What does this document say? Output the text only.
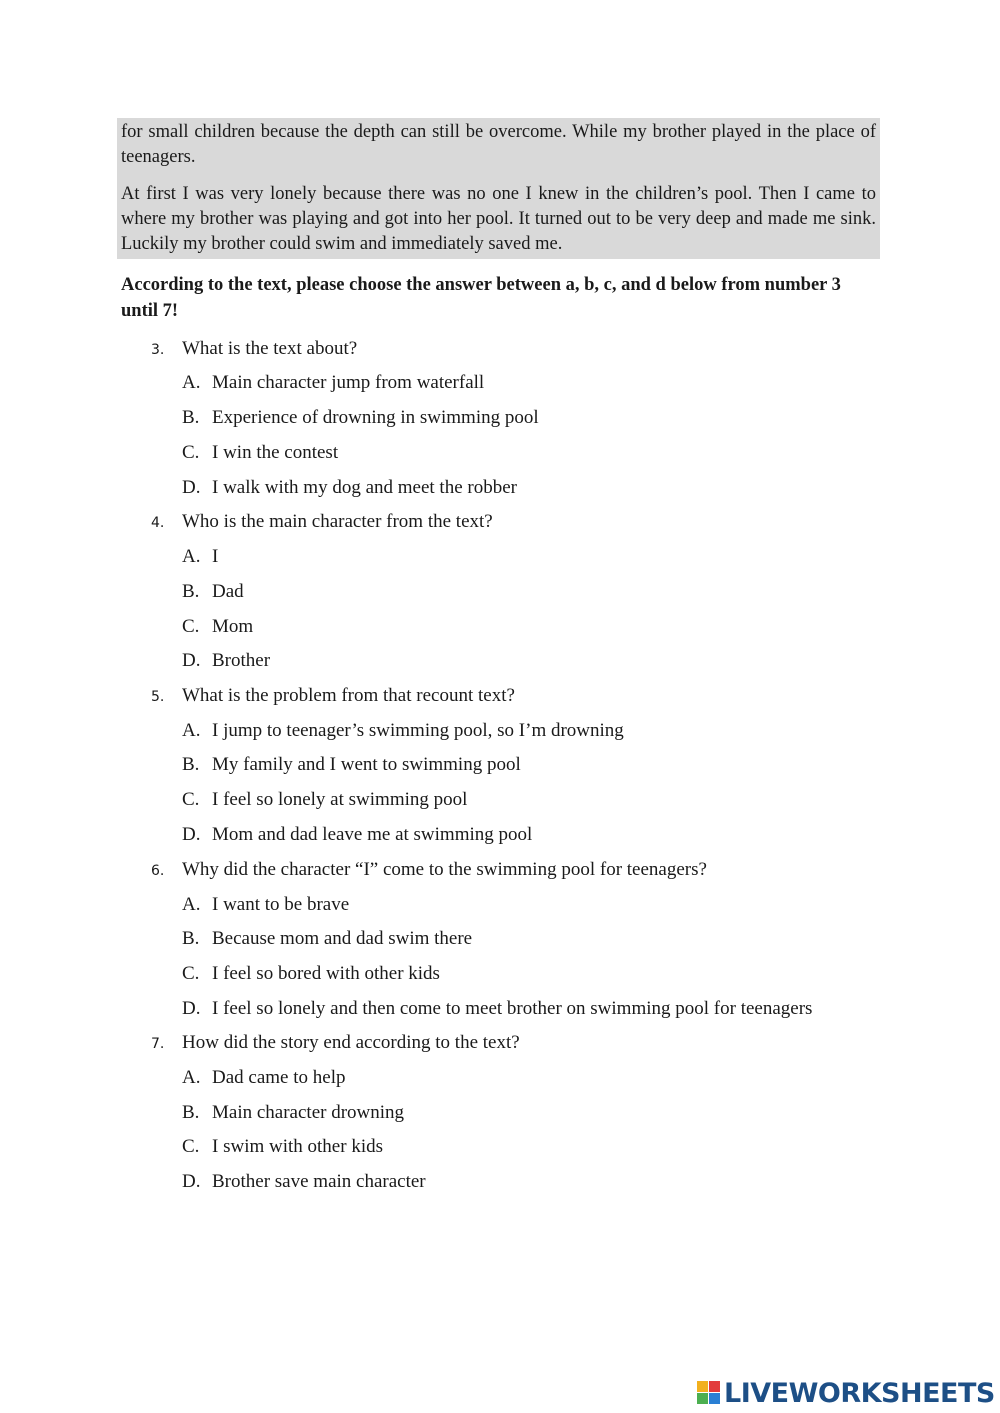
for small children because the depth can still be overcome. While my brother played in the place of teenagers.

At first I was very lonely because there was no one I knew in the children’s pool. Then I came to where my brother was playing and got into her pool. It turned out to be very deep and made me sink. Luckily my brother could swim and immediately saved me.

According to the text, please choose the answer between a, b, c, and d below from number 3 until 7!
3. What is the text about?
A. Main character jump from waterfall
B. Experience of drowning in swimming pool
C. I win the contest
D. I walk with my dog and meet the robber
4. Who is the main character from the text?
A. I
B. Dad
C. Mom
D. Brother
5. What is the problem from that recount text?
A. I jump to teenager’s swimming pool, so I’m drowning
B. My family and I went to swimming pool
C. I feel so lonely at swimming pool
D. Mom and dad leave me at swimming pool
6. Why did the character “I” come to the swimming pool for teenagers?
A. I want to be brave
B. Because mom and dad swim there
C. I feel so bored with other kids
D. I feel so lonely and then come to meet brother on swimming pool for teenagers
7. How did the story end according to the text?
A. Dad came to help
B. Main character drowning
C. I swim with other kids
D. Brother save main character
LIVEWORKSHEETS
